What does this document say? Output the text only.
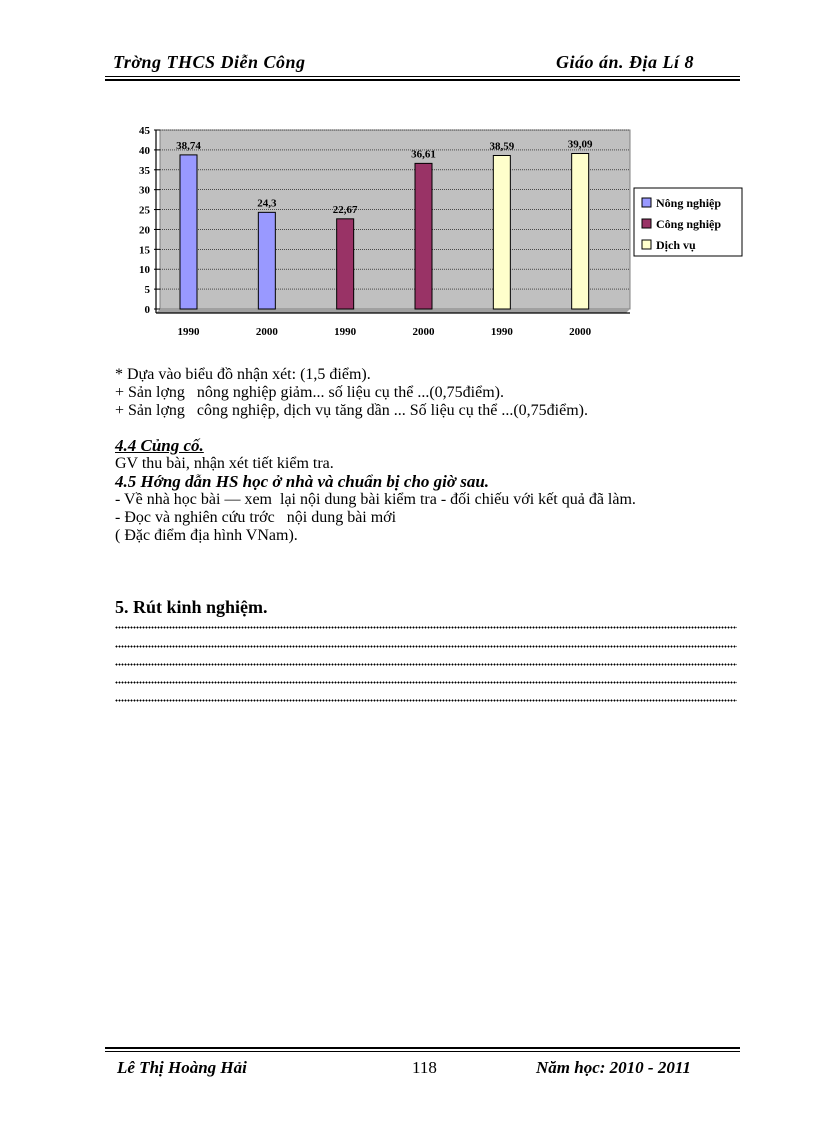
Trờng THCS Diễn Công	Giáo án. Địa Lí 8
0
5
10
15
20
25
30
35
40
45
38,74
1990
24,3
2000
22,67
1990
36,61
2000
38,59
1990
39,09
2000
Nông nghiệp
Công nghiệp
Dịch vụ
* Dựa vào biểu đồ nhận xét: (1,5 điểm).
+ Sản lợng   nông nghiệp giảm... số liệu cụ thể ...(0,75điểm).
+ Sản lợng   công nghiệp, dịch vụ tăng dần ... Số liệu cụ thể ...(0,75điểm).
4.4 Củng cố.
GV thu bài, nhận xét tiết kiểm tra.
4.5 Hớng dẫn HS học ở nhà và chuẩn bị cho giờ sau.
- Về nhà học bài — xem  lại nội dung bài kiểm tra - đối chiếu với kết quả đã làm.
- Đọc và nghiên cứu trớc   nội dung bài mới
( Đặc điểm địa hình VNam).
5. Rút kinh nghiệm.
Lê Thị Hoàng Hải	118	Năm học: 2010 - 2011
